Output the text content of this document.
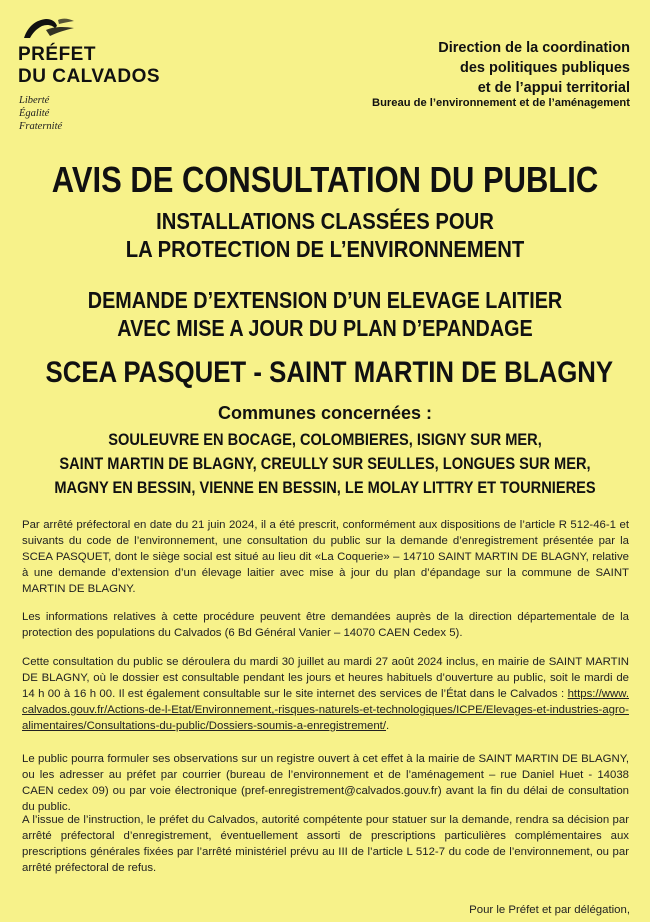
PRÉFET
DU CALVADOS
Liberté
Égalité
Fraternité
Direction de la coordination
des politiques publiques
et de l’appui territorial
Bureau de l’environnement et de l’aménagement
AVIS DE CONSULTATION DU PUBLIC
INSTALLATIONS CLASSÉES POUR
LA PROTECTION DE L’ENVIRONNEMENT
DEMANDE D’EXTENSION D’UN ELEVAGE LAITIER
AVEC MISE A JOUR DU PLAN D’EPANDAGE
SCEA PASQUET - SAINT MARTIN DE BLAGNY
Communes concernées :
SOULEUVRE EN BOCAGE, COLOMBIERES, ISIGNY SUR MER,
SAINT MARTIN DE BLAGNY, CREULLY SUR SEULLES, LONGUES SUR MER,
MAGNY EN BESSIN, VIENNE EN BESSIN, LE MOLAY LITTRY ET TOURNIERES
Par arrêté préfectoral en date du 21 juin 2024, il a été prescrit, conformément aux dispositions de l’article R 512-46-1 et suivants du code de l’environnement, une consultation du public sur la demande d’enregistrement présentée par la SCEA PASQUET, dont le siège social est situé au lieu dit «La Coquerie» – 14710 SAINT MARTIN DE BLAGNY, relative à une demande d’extension d’un élevage laitier avec mise à jour du plan d’épandage sur la commune de SAINT MARTIN DE BLAGNY.
Les informations relatives à cette procédure peuvent être demandées auprès de la direction départementale de la protection des populations du Calvados (6 Bd Général Vanier – 14070 CAEN Cedex 5).
Cette consultation du public se déroulera du mardi 30 juillet au mardi 27 août 2024 inclus, en mairie de SAINT MARTIN DE BLAGNY, où le dossier est consultable pendant les jours et heures habituels d’ouverture au public, soit le mardi de 14 h 00 à 16 h 00. Il est également consultable sur le site internet des services de l’État dans le Calvados : https://www.calvados.gouv.fr/Actions-de-l-Etat/Environnement,-risques-naturels-et-technologiques/ICPE/Elevages-et-industries-agro-alimentaires/Consultations-du-public/Dossiers-soumis-a-enregistrement/.
Le public pourra formuler ses observations sur un registre ouvert à cet effet à la mairie de SAINT MARTIN DE BLAGNY, ou les adresser au préfet par courrier (bureau de l’environnement et de l’aménagement – rue Daniel Huet - 14038 CAEN cedex 09) ou par voie électronique (pref-enregistrement@calvados.gouv.fr) avant la fin du délai de consultation du public.
A l’issue de l’instruction, le préfet du Calvados, autorité compétente pour statuer sur la demande, rendra sa décision par arrêté préfectoral d’enregistrement, éventuellement assorti de prescriptions particulières complémentaires aux prescriptions générales fixées par l’arrêté ministériel prévu au III de l’article L 512-7 du code de l’environnement, ou par arrêté préfectoral de refus.
Pour le Préfet et par délégation,
